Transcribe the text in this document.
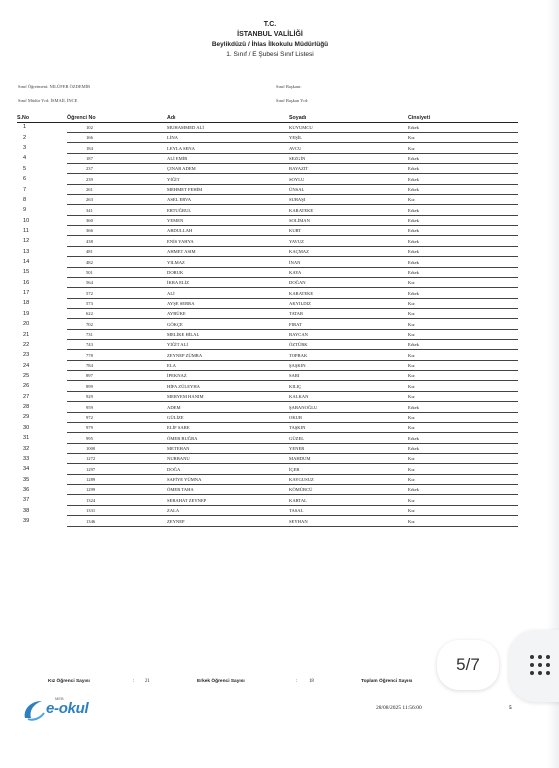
T.C.
İSTANBUL VALİLİĞİ
Beylikdüzü / İhlas İlkokulu Müdürlüğü
1. Sınıf / E Şubesi Sınıf Listesi
Sınıf Öğretmeni: NİLÜFER ÖZDEMİR
Sınıf Müdür Yrd: İSMAİL İNCE
Sınıf Başkanı:
Sınıf Başkan Yrd:
S.No	Öğrenci No	Adı	Soyadı	Cinsiyeti
1	102	MUHAMMED ALİ	KUYUMCU	Erkek
2	166	LİNA	YEŞİL	Kız
3	184	LEYLA SENA	AVCU	Kız
4	187	ALİ EMİR	SEZGİN	Erkek
5	237	ÇINAR ADEM	BAYAZIT	Erkek
6	239	YİĞİT	SOYLU	Erkek
7	261	MEHMET FEHİM	ÜNSAL	Erkek
8	263	ASEL ERVA	SUBAŞI	Kız
9	341	ERTUĞRUL	KARATEKE	Erkek
10	360	YEMEN	SOLİMAN	Erkek
11	366	ABDULLAH	KURT	Erkek
12	438	ENİS YAHYA	YAVUZ	Erkek
13	481	AHMET ASIM	KAÇMAZ	Erkek
14	482	YILMAZ	İNAN	Erkek
15	501	DORUK	KAYA	Erkek
16	564	İKRA ELİZ	DOĞAN	Kız
17	572	ALİ	KARATEKE	Erkek
18	573	AYŞE SERRA	AKYILDIZ	Kız
19	622	AYBÜKE	TATAR	Kız
20	702	GÖKÇE	FIRAT	Kız
21	731	MELİKE HİLAL	BAYCAN	Kız
22	743	YİĞİT ALİ	ÖZTÜRK	Erkek
23	778	ZEYNEP ZÜMRA	TOPRAK	Kız
24	784	ELA	ŞAŞKIN	Kız
25	897	İPEKNAZ	SARI	Kız
26	899	HİFA ZÜLEYHA	KILIÇ	Kız
27	929	MERYEM HANIM	KALKAN	Kız
28	959	ADEM	ŞABANOĞLU	Erkek
29	972	GÜLİZE	OKUR	Kız
30	979	ELİF SARE	TAŞKIN	Kız
31	995	ÖMER BUĞRA	GÜZEL	Erkek
32	1000	METEHAN	YENER	Erkek
33	1272	NURBANU	MAHDUM	Kız
34	1297	DOĞA	İÇER	Kız
35	1289	SAFİYE YÜMNA	KAYGUSUZ	Kız
36	1299	ÖMER TAHA	KÖMÜRCÜ	Erkek
37	1324	SEBAHAT ZEYNEP	KARTAL	Kız
38	1331	ZALA	TASAL	Kız
39	1346	ZEYNEP	SEYHAN	Kız
Kız Öğrenci Sayısı	: 21	Erkek Öğrenci Sayısı	: 18	Toplam Öğrenci Sayısı
MEB
e-okul	28/08/2025 11:56:00	5
5/7
